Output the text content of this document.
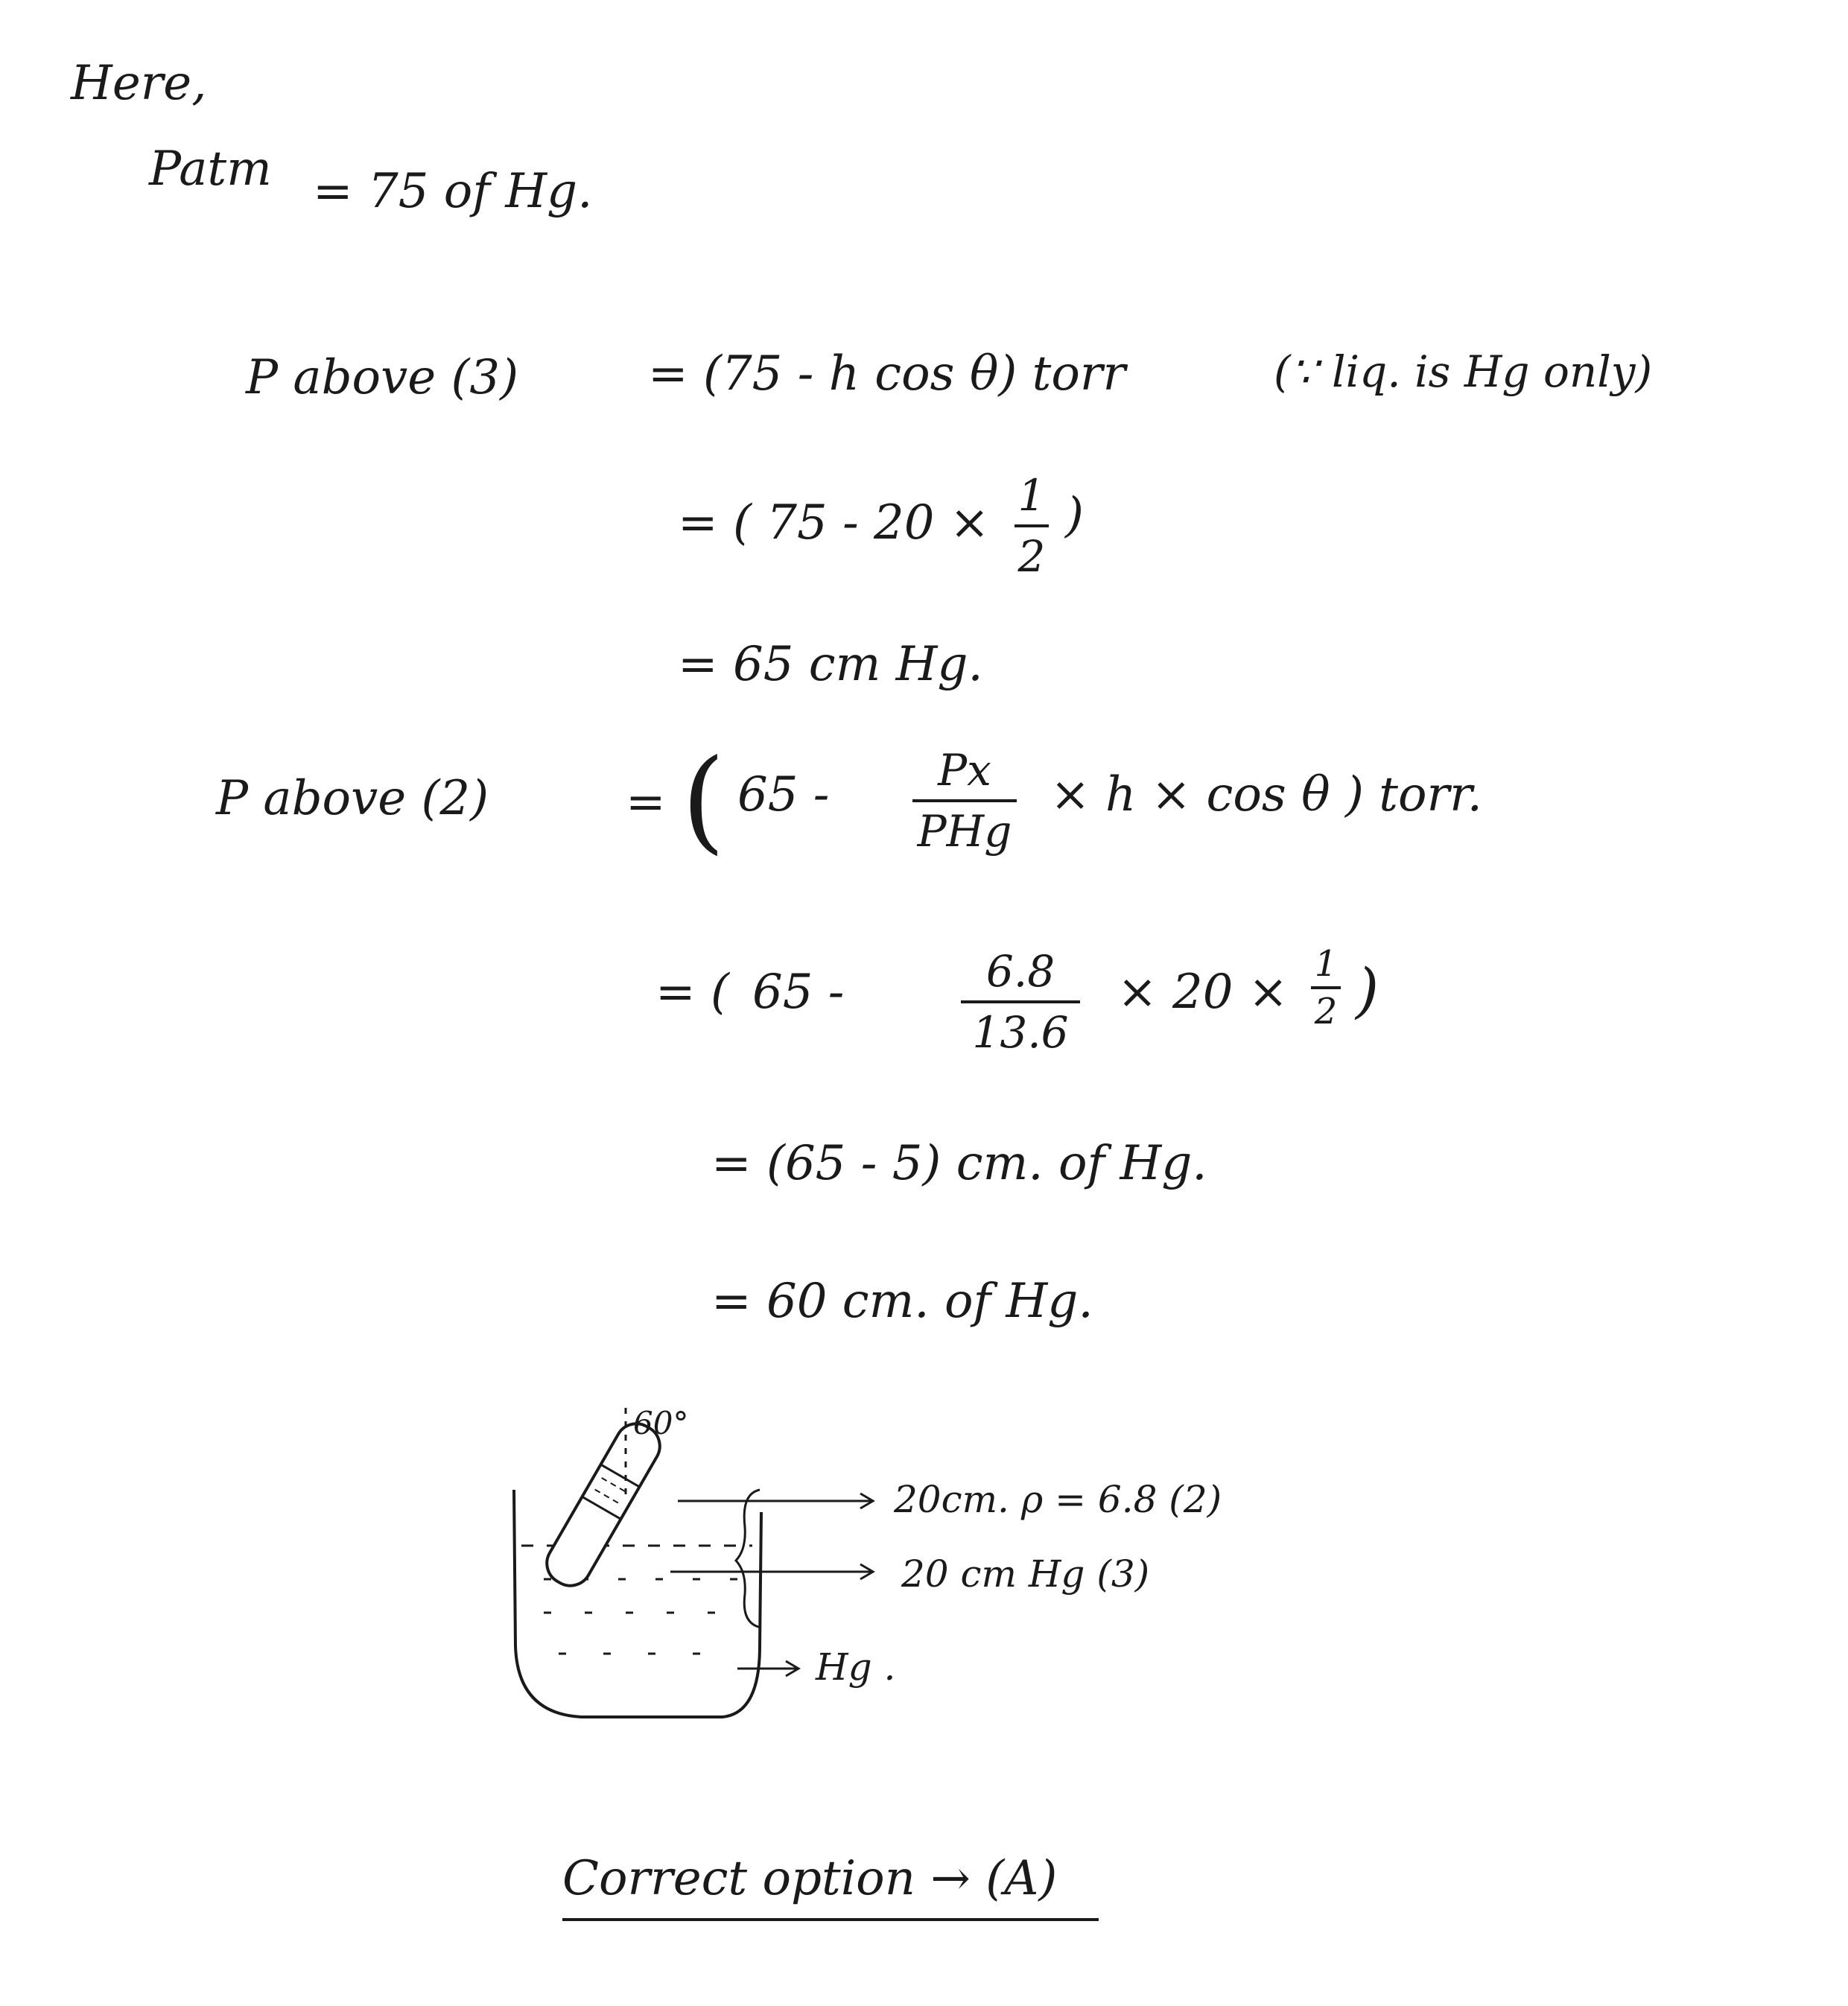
Here,
Patm = 75 of Hg.
P above (3)	= (75 - h cos θ) torr	(∵ liq. is Hg only)
= ( 75 - 20 × 1
2
)
= 65 cm Hg.
P above (2)	= ( 65 -	Px
PHg
× h × cos θ ) torr.
= ( 65 -	6.8
13.6
× 20 ×
1
2 )
= (65 - 5) cm. of Hg.
= 60 cm. of Hg.
60°
20cm. ρ = 6.8 (2)
20 cm Hg (3)
Hg .
Correct option → (A)
